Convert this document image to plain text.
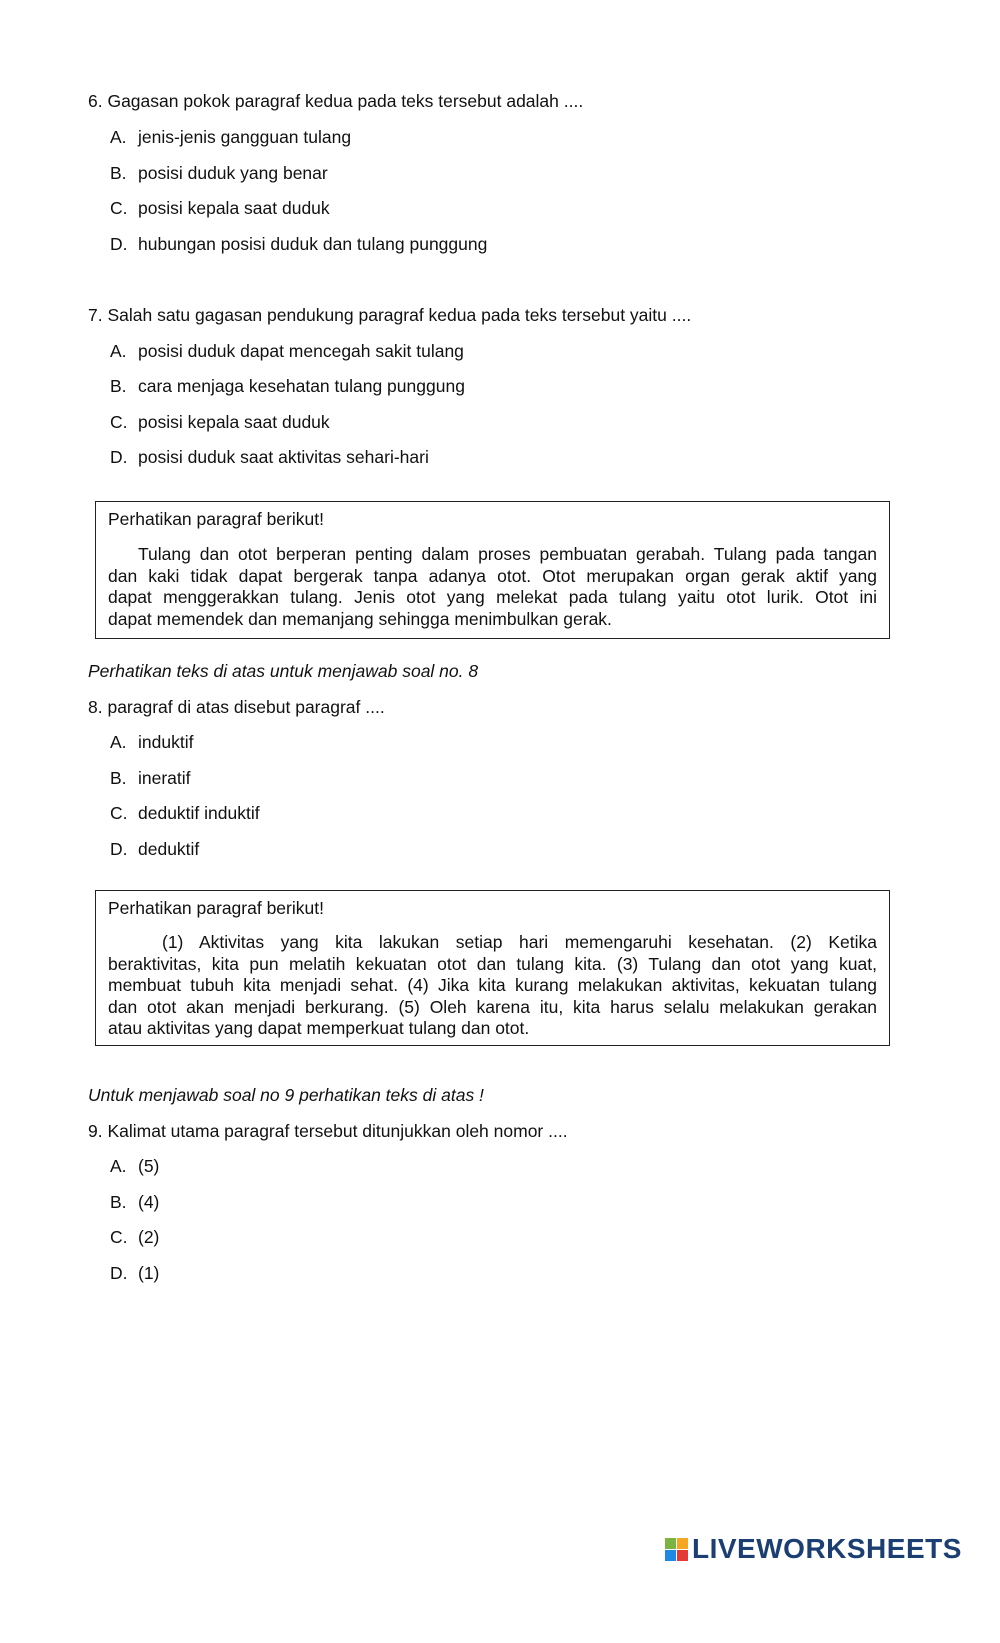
6. Gagasan pokok paragraf kedua pada teks tersebut adalah ....
A. jenis-jenis gangguan tulang
B. posisi duduk yang benar
C. posisi kepala saat duduk
D. hubungan posisi duduk dan tulang punggung
7. Salah satu gagasan pendukung paragraf kedua pada teks tersebut yaitu ....
A. posisi duduk dapat mencegah sakit tulang
B. cara menjaga kesehatan tulang punggung
C. posisi kepala saat duduk
D. posisi duduk saat aktivitas sehari-hari
8. paragraf di atas disebut paragraf ....
A. induktif
B. ineratif
C. deduktif induktif
D. deduktif
9. Kalimat utama paragraf tersebut ditunjukkan oleh nomor ....
A. (5)
B. (4)
C. (2)
D. (1)
Perhatikan paragraf berikut!
Tulang dan otot berperan penting dalam proses pembuatan gerabah. Tulang pada tangan
dan kaki tidak dapat bergerak tanpa adanya otot. Otot merupakan organ gerak aktif yang
dapat menggerakkan tulang. Jenis otot yang melekat pada tulang yaitu otot lurik. Otot ini
dapat memendek dan memanjang sehingga menimbulkan gerak.
Perhatikan teks di atas untuk menjawab soal no. 8
Perhatikan paragraf berikut!
(1) Aktivitas yang kita lakukan setiap hari memengaruhi kesehatan. (2) Ketika
beraktivitas, kita pun melatih kekuatan otot dan tulang kita. (3) Tulang dan otot yang kuat,
membuat tubuh kita menjadi sehat. (4) Jika kita kurang melakukan aktivitas, kekuatan tulang
dan otot akan menjadi berkurang. (5) Oleh karena itu, kita harus selalu melakukan gerakan
atau aktivitas yang dapat memperkuat tulang dan otot.
Untuk menjawab soal no 9 perhatikan teks di atas !
LIVEWORKSHEETS
